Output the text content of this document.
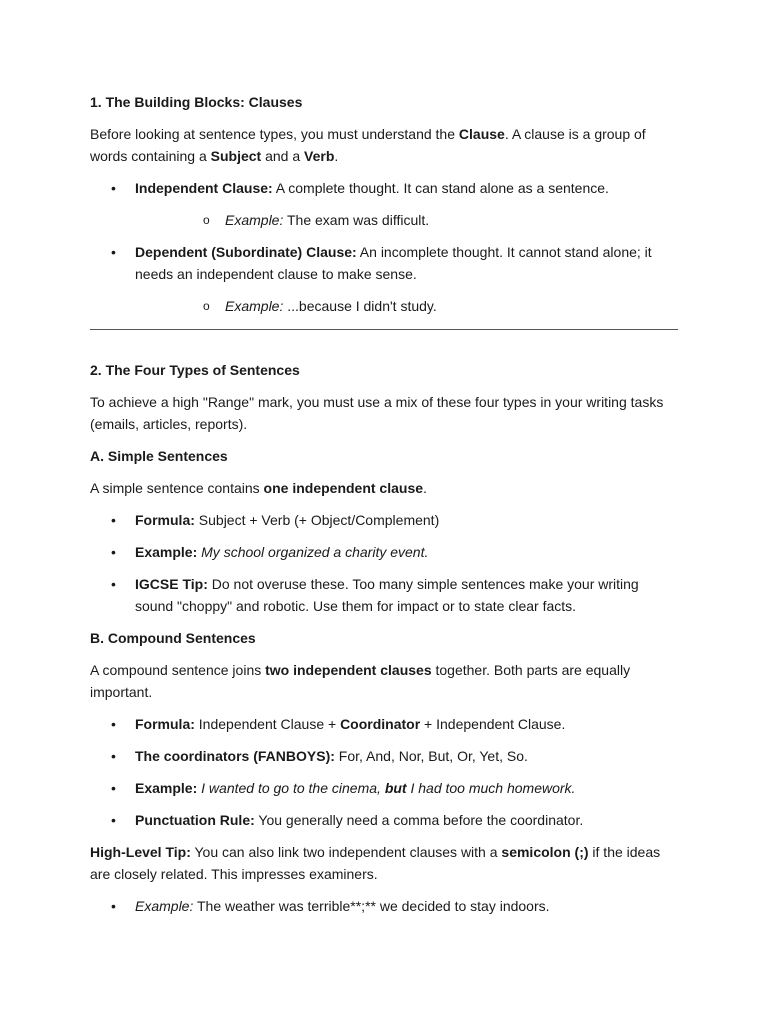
1. The Building Blocks: Clauses

Before looking at sentence types, you must understand the Clause. A clause is a group of words containing a Subject and a Verb.

• Independent Clause: A complete thought. It can stand alone as a sentence.
o Example: The exam was difficult.
• Dependent (Subordinate) Clause: An incomplete thought. It cannot stand alone; it needs an independent clause to make sense.
o Example: ...because I didn't study.
2. The Four Types of Sentences

To achieve a high "Range" mark, you must use a mix of these four types in your writing tasks (emails, articles, reports).

A. Simple Sentences

A simple sentence contains one independent clause.

• Formula: Subject + Verb (+ Object/Complement)
• Example: My school organized a charity event.
• IGCSE Tip: Do not overuse these. Too many simple sentences make your writing sound "choppy" and robotic. Use them for impact or to state clear facts.
B. Compound Sentences

A compound sentence joins two independent clauses together. Both parts are equally important.

• Formula: Independent Clause + Coordinator + Independent Clause.
• The coordinators (FANBOYS): For, And, Nor, But, Or, Yet, So.
• Example: I wanted to go to the cinema, but I had too much homework.
• Punctuation Rule: You generally need a comma before the coordinator.

High-Level Tip: You can also link two independent clauses with a semicolon (;) if the ideas are closely related. This impresses examiners.

• Example: The weather was terrible**;** we decided to stay indoors.
